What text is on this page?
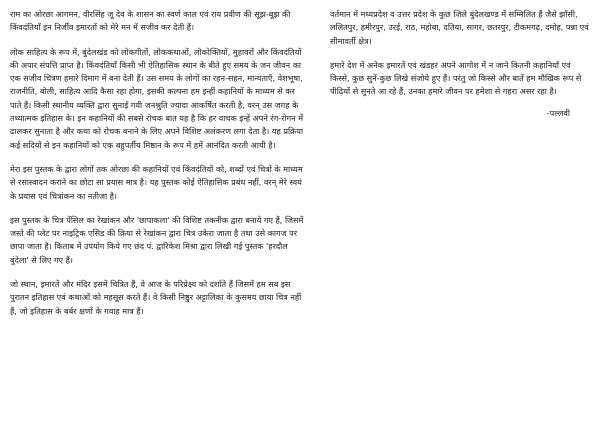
राम का ओरछा आगमन, वीरसिंह जू देव के शासन का स्वर्ण काल एवं राय प्रवीण की सूझ-बूझ की किंवदंतियाँ इन निर्जीव इमारतों को मेरे मन में सजीव कर देती हैं।

लोक साहित्य के रूप में, बुंदेलखंड को लोकगीतों, लोककथाओं, लोकोक्तियों, मुहावरों और किंवदंतियों की अपार संपत्ति प्राप्त है। किंवदंतियाँ किसी भी ऐतिहासिक स्थान के बीते हुए समय के जन जीवन का एक सजीव चित्रण हमारे दिमाग में बना देती हैं। उस समय के लोगों का रहन-सहन, मान्यताएँ, वेशभूषा, राजनीति, बोली, साहित्य आदि कैसा रहा होगा, इसकी कल्पना हम इन्हीं कहानियों के माध्यम से कर पाते हैं। किसी स्थानीय व्यक्ति द्वारा सुनाई गयी जनश्रुति ज्यादा आकर्षित करती है, वरन् उस जगह के तथ्यात्मक इतिहास के। इन कहानियों की सबसे रोचक बात यह है कि हर वाचक इन्हें अपने रंग-रोगन में ढालकर सुनाता है और कथा को रोचक बनाने के लिए अपने विशिष्ट अलंकरण लगा देता है। यह प्रक्रिया कई सदियों से इन कहानियों को एक बहुपर्तीय मिष्ठान के रूप में हमें आनंदित करती आयी है।

मेरा इस पुस्तक के द्वारा लोगों तक ओरछा की कहानियों एवं किंवदंतियों को, शब्दों एवं चित्रों के माध्यम से रसास्वादन कराने का छोटा सा प्रयास मात्र है। यह पुस्तक कोई ऐतिहासिक प्रबंध नहीं, वरन् मेरे स्वयं के प्रयास एवं चित्रांकन का नतीजा है।

इस पुस्तक के चित्र पेंसिल का रेखांकन और 'छापाकला' की विशिष्ट तकनीक द्वारा बनाये गए हैं, जिसमें जस्ते की प्लेट पर नाइट्रिक एसिड की क्रिया से रेखांकन द्वारा चित्र उकेरा जाता है तथा उसे कागज पर छापा जाता है। किताब में उपयोग किये गए छंद पं. द्वारिकेश मिश्रा द्वारा लिखी गई पुस्तक 'हरदौल बुंदेला' से लिए गए हैं।

जो स्थान, इमारतें और मंदिर इसमें चित्रित हैं, वे आज के परिप्रेक्ष्य को दर्शाते हैं जिसमें हम सब इस पुरातन इतिहास एवं कथाओं को महसूस करते हैं। वे किसी निष्ठुर अट्टालिका के कुसमय छाया चित्र नहीं हैं, जो इतिहास के बर्बर क्षणों के गवाह मात्र हैं।

वर्तमान में मध्यप्रदेश व उत्तर प्रदेश के कुछ जिले बुंदेलखण्ड में सम्मिलित हैं जैसे झाँसी, ललितपुर, हमीरपुर, उरई, राठ, महोबा, दतिया, सागर, छतरपुर, टीकमगढ़, दमोह, पन्ना एवं सीमावर्ती क्षेत्र।

हमारे देश में अनेक इमारतें एवं खंडहर अपने आगोश में न जाने कितनी कहानियाँ एवं किस्से, कुछ सुनें-कुछ लिखे संजोये हुए हैं। परंतु जो किस्से और बातें हम मौखिक रूप से पीढ़ियों से सुनते आ रहे हैं, उनका हमारे जीवन पर हमेशा से गहरा असर रहा है।

-पल्लवी
